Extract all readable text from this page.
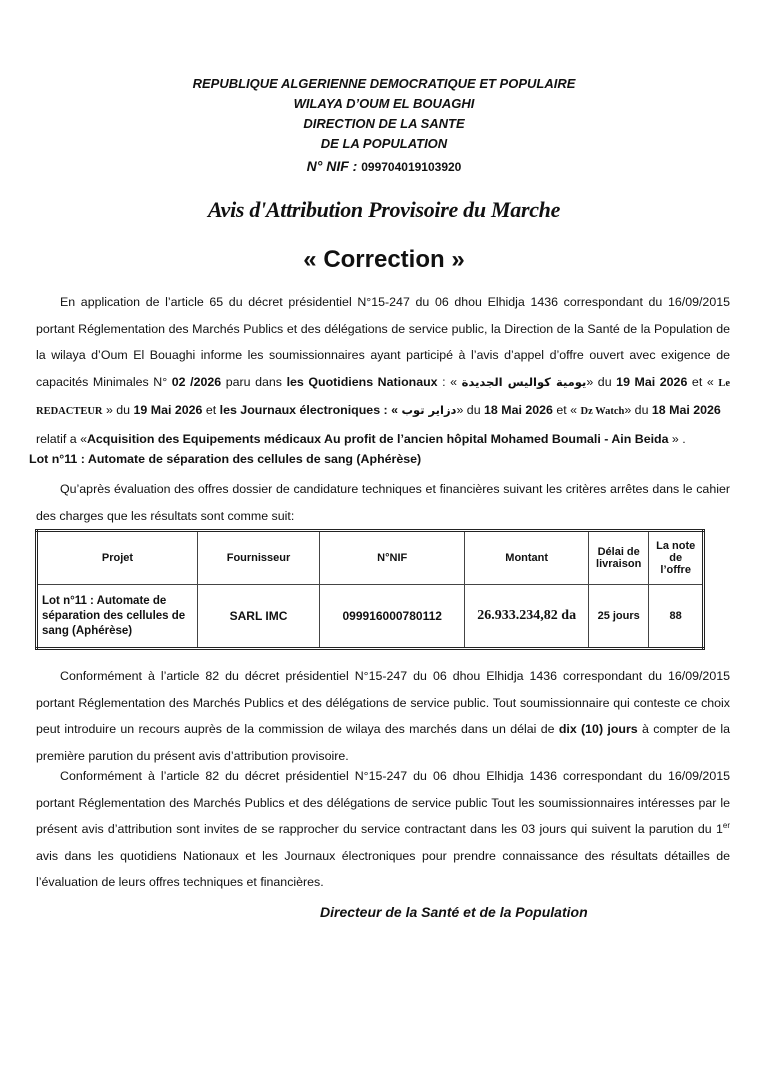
REPUBLIQUE ALGERIENNE DEMOCRATIQUE ET POPULAIRE
WILAYA D’OUM EL BOUAGHI
DIRECTION DE LA SANTE
DE LA POPULATION
N° NIF : 099704019103920
Avis d'Attribution Provisoire du Marche
« Correction »
En application de l’article 65 du décret présidentiel N°15-247 du 06 dhou Elhidja 1436 correspondant du 16/09/2015 portant Réglementation des Marchés Publics et des délégations de service public, la Direction de la Santé de la Population de la wilaya d’Oum El Bouaghi informe les soumissionnaires ayant participé à l’avis d’appel d’offre ouvert avec exigence de capacités Minimales N° 02 /2026 paru dans les Quotidiens Nationaux : « يومية كواليس الجديدة» du 19 Mai 2026 et « Le REDACTEUR » du 19 Mai 2026 et les Journaux électroniques : « دزاير توب» du 18 Mai 2026 et « Dz Watch» du 18 Mai 2026
relatif a «Acquisition des Equipements médicaux Au profit de l’ancien hôpital Mohamed Boumali - Ain Beida » .
Lot n°11 : Automate de séparation des cellules de sang (Aphérèse)
Qu’après évaluation des offres dossier de candidature techniques et financières suivant les critères arrêtes dans le cahier des charges que les résultats sont comme suit:
Projet	Fournisseur	N°NIF	Montant	Délai de livraison	La note de l’offre
Lot n°11 : Automate de séparation des cellules de sang (Aphérèse)	SARL IMC	099916000780112	26.933.234,82 da	25 jours	88
Conformément à l’article 82 du décret présidentiel N°15-247 du 06 dhou Elhidja 1436 correspondant du 16/09/2015 portant Réglementation des Marchés Publics et des délégations de service public. Tout soumissionnaire qui conteste ce choix peut introduire un recours auprès de la commission de wilaya des marchés dans un délai de dix (10) jours à compter de la première parution du présent avis d’attribution provisoire.
Conformément à l’article 82 du décret présidentiel N°15-247 du 06 dhou Elhidja 1436 correspondant du 16/09/2015 portant Réglementation des Marchés Publics et des délégations de service public Tout les soumissionnaires intéresses par le présent avis d’attribution sont invites de se rapprocher du service contractant dans les 03 jours qui suivent la parution du 1er avis dans les quotidiens Nationaux et les Journaux électroniques pour prendre connaissance des résultats détailles de l’évaluation de leurs offres techniques et financières.
Directeur de la Santé et de la Population
